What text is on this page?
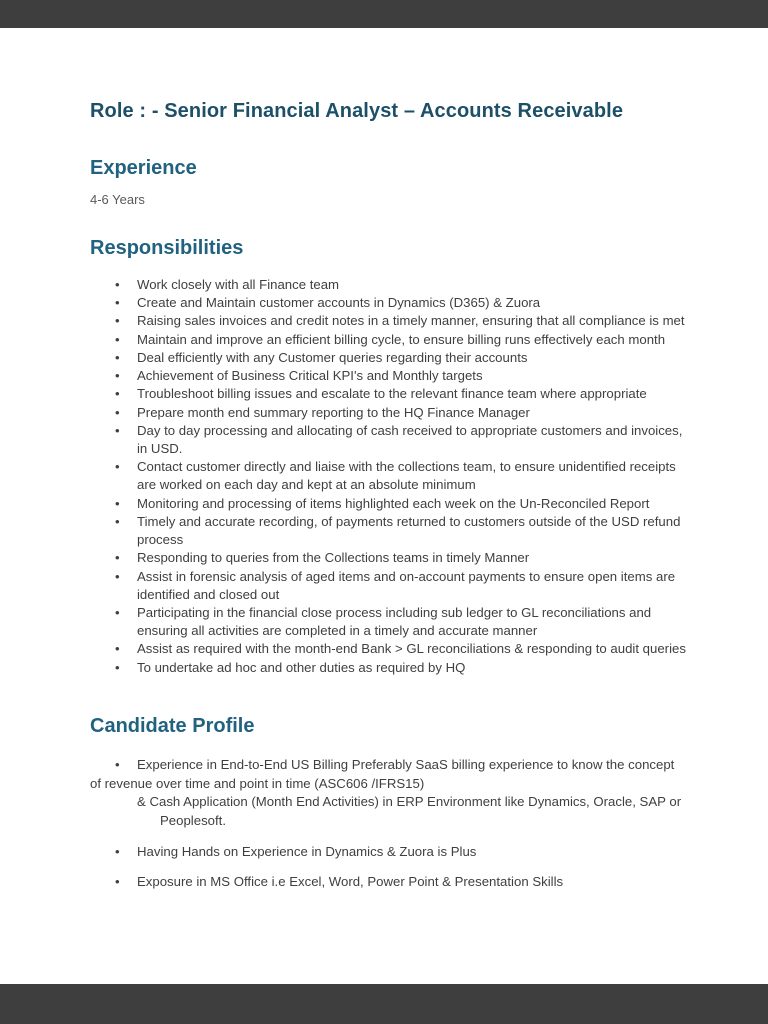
Role : - Senior Financial Analyst – Accounts Receivable
Experience

4-6 Years

Responsibilities
• Work closely with all Finance team
• Create and Maintain customer accounts in Dynamics (D365) & Zuora
• Raising sales invoices and credit notes in a timely manner, ensuring that all compliance is met
• Maintain and improve an efficient billing cycle, to ensure billing runs effectively each month
• Deal efficiently with any Customer queries regarding their accounts
• Achievement of Business Critical KPI's and Monthly targets
• Troubleshoot billing issues and escalate to the relevant finance team where appropriate
• Prepare month end summary reporting to the HQ Finance Manager
• Day to day processing and allocating of cash received to appropriate customers and invoices, in USD.
• Contact customer directly and liaise with the collections team, to ensure unidentified receipts are worked on each day and kept at an absolute minimum
• Monitoring and processing of items highlighted each week on the Un-Reconciled Report
• Timely and accurate recording, of payments returned to customers outside of the USD refund process
• Responding to queries from the Collections teams in timely Manner
• Assist in forensic analysis of aged items and on-account payments to ensure open items are identified and closed out
• Participating in the financial close process including sub ledger to GL reconciliations and ensuring all activities are completed in a timely and accurate manner
• Assist as required with the month-end Bank > GL reconciliations & responding to audit queries
• To undertake ad hoc and other duties as required by HQ
Candidate Profile

• Experience in End-to-End US Billing Preferably SaaS billing experience to know the concept of revenue over time and point in time (ASC606 /IFRS15)

& Cash Application (Month End Activities) in ERP Environment like Dynamics, Oracle, SAP or Peoplesoft.

• Having Hands on Experience in Dynamics & Zuora is Plus
• Exposure in MS Office i.e Excel, Word, Power Point & Presentation Skills
